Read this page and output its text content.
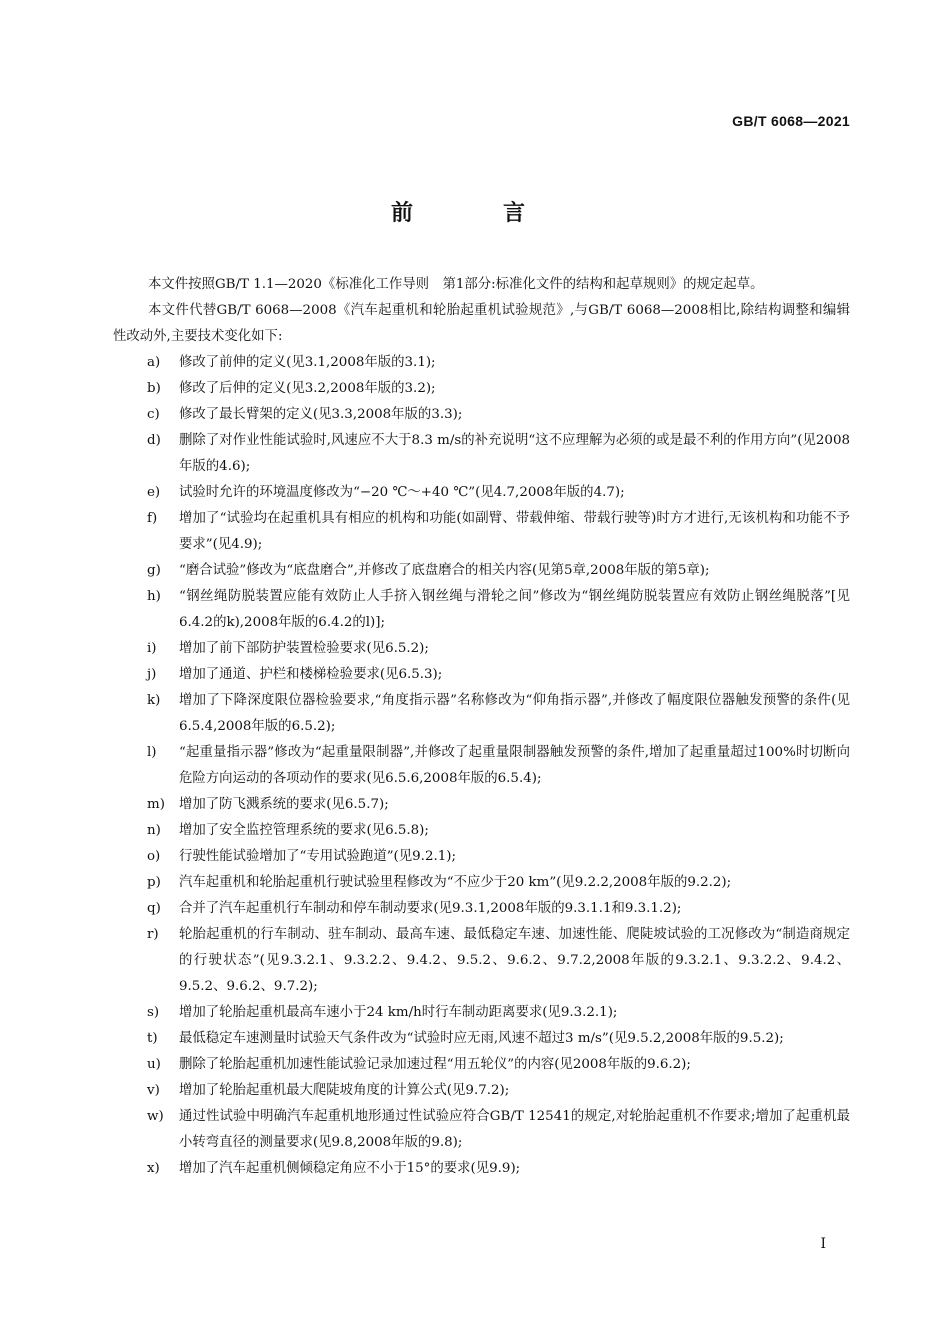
GB/T 6068—2021
前　言

本文件按照GB/T 1.1—2020《标准化工作导则　第1部分:标准化文件的结构和起草规则》的规定起草。

本文件代替GB/T 6068—2008《汽车起重机和轮胎起重机试验规范》,与GB/T 6068—2008相比,除结构调整和编辑性改动外,主要技术变化如下:

a) 修改了前伸的定义(见3.1,2008年版的3.1);
b) 修改了后伸的定义(见3.2,2008年版的3.2);
c) 修改了最长臂架的定义(见3.3,2008年版的3.3);
d) 删除了对作业性能试验时,风速应不大于8.3 m/s的补充说明“这不应理解为必须的或是最不利的作用方向”(见2008年版的4.6);
e) 试验时允许的环境温度修改为“−20 ℃～+40 ℃”(见4.7,2008年版的4.7);
f) 增加了“试验均在起重机具有相应的机构和功能(如副臂、带载伸缩、带载行驶等)时方才进行,无该机构和功能不予要求”(见4.9);
g) “磨合试验”修改为“底盘磨合”,并修改了底盘磨合的相关内容(见第5章,2008年版的第5章);
h) “钢丝绳防脱装置应能有效防止人手挤入钢丝绳与滑轮之间”修改为“钢丝绳防脱装置应有效防止钢丝绳脱落”[见6.4.2的k),2008年版的6.4.2的l)];
i) 增加了前下部防护装置检验要求(见6.5.2);
j) 增加了通道、护栏和楼梯检验要求(见6.5.3);
k) 增加了下降深度限位器检验要求,“角度指示器”名称修改为“仰角指示器”,并修改了幅度限位器触发预警的条件(见6.5.4,2008年版的6.5.2);
l) “起重量指示器”修改为“起重量限制器”,并修改了起重量限制器触发预警的条件,增加了起重量超过100%时切断向危险方向运动的各项动作的要求(见6.5.6,2008年版的6.5.4);
m) 增加了防飞溅系统的要求(见6.5.7);
n) 增加了安全监控管理系统的要求(见6.5.8);
o) 行驶性能试验增加了“专用试验跑道”(见9.2.1);
p) 汽车起重机和轮胎起重机行驶试验里程修改为“不应少于20 km”(见9.2.2,2008年版的9.2.2);
q) 合并了汽车起重机行车制动和停车制动要求(见9.3.1,2008年版的9.3.1.1和9.3.1.2);
r) 轮胎起重机的行车制动、驻车制动、最高车速、最低稳定车速、加速性能、爬陡坡试验的工况修改为“制造商规定的行驶状态”(见9.3.2.1、9.3.2.2、9.4.2、9.5.2、9.6.2、9.7.2,2008年版的9.3.2.1、9.3.2.2、9.4.2、9.5.2、9.6.2、9.7.2);
s) 增加了轮胎起重机最高车速小于24 km/h时行车制动距离要求(见9.3.2.1);
t) 最低稳定车速测量时试验天气条件改为“试验时应无雨,风速不超过3 m/s”(见9.5.2,2008年版的9.5.2);
u) 删除了轮胎起重机加速性能试验记录加速过程“用五轮仪”的内容(见2008年版的9.6.2);
v) 增加了轮胎起重机最大爬陡坡角度的计算公式(见9.7.2);
w) 通过性试验中明确汽车起重机地形通过性试验应符合GB/T 12541的规定,对轮胎起重机不作要求;增加了起重机最小转弯直径的测量要求(见9.8,2008年版的9.8);
x) 增加了汽车起重机侧倾稳定角应不小于15°的要求(见9.9);
I
